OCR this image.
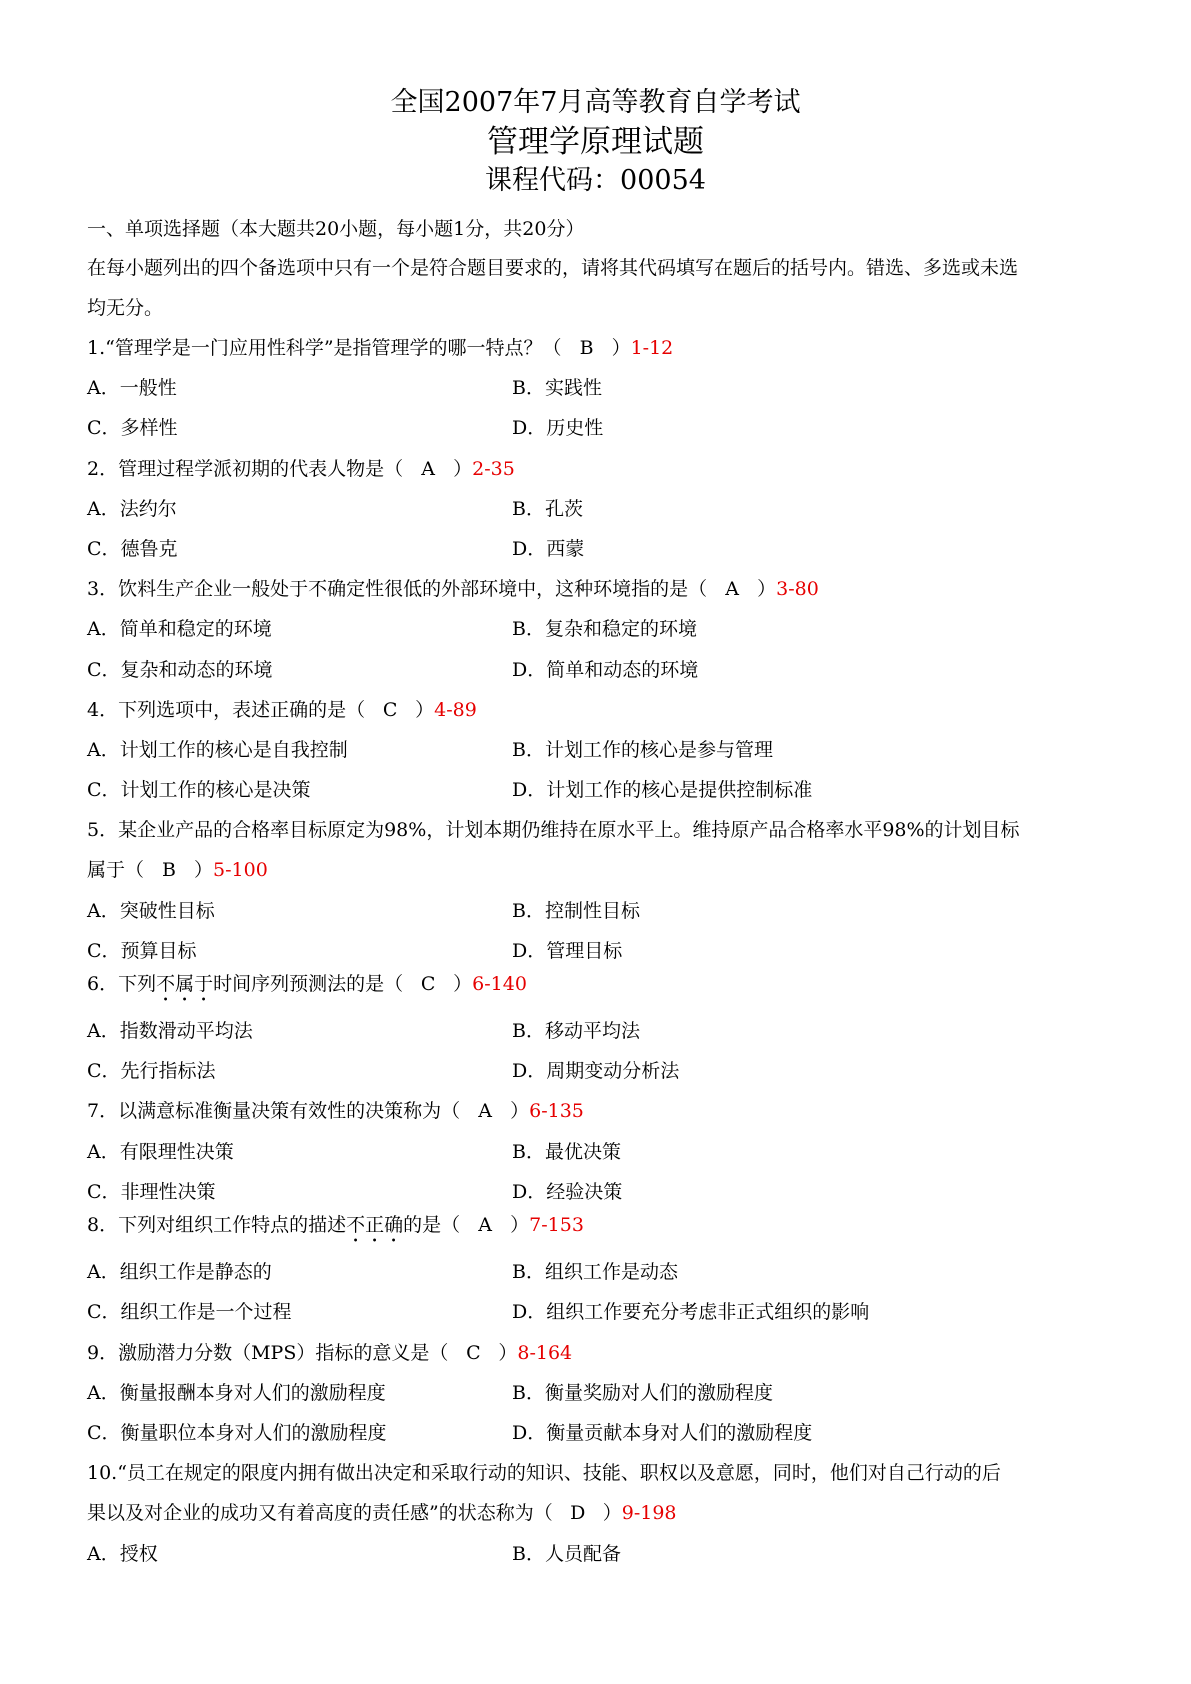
全国2007年7月高等教育自学考试
管理学原理试题
课程代码：00054
一、单项选择题（本大题共20小题，每小题1分，共20分）
在每小题列出的四个备选项中只有一个是符合题目要求的，请将其代码填写在题后的括号内。错选、多选或未选
均无分。
1.“管理学是一门应用性科学”是指管理学的哪一特点？（ B ）1-12
A．一般性	B．实践性
C．多样性	D．历史性
2．管理过程学派初期的代表人物是（ A ）2-35
A．法约尔	B．孔茨
C．德鲁克	D．西蒙
3．饮料生产企业一般处于不确定性很低的外部环境中，这种环境指的是（ A ）3-80
A．简单和稳定的环境	B．复杂和稳定的环境
C．复杂和动态的环境	D．简单和动态的环境
4．下列选项中，表述正确的是（ C ）4-89
A．计划工作的核心是自我控制	B．计划工作的核心是参与管理
C．计划工作的核心是决策	D．计划工作的核心是提供控制标准
5．某企业产品的合格率目标原定为98%，计划本期仍维持在原水平上。维持原产品合格率水平98%的计划目标
属于（ B ）5-100
A．突破性目标	B．控制性目标
C．预算目标	D．管理目标
6．下列不属于时间序列预测法的是（ C ）6-140
A．指数滑动平均法	B．移动平均法
C．先行指标法	D．周期变动分析法
7．以满意标准衡量决策有效性的决策称为（ A ）6-135
A．有限理性决策	B．最优决策
C．非理性决策	D．经验决策
8．下列对组织工作特点的描述不正确的是（ A ）7-153
A．组织工作是静态的	B．组织工作是动态
C．组织工作是一个过程	D．组织工作要充分考虑非正式组织的影响
9．激励潜力分数（MPS）指标的意义是（ C ）8-164
A．衡量报酬本身对人们的激励程度	B．衡量奖励对人们的激励程度
C．衡量职位本身对人们的激励程度	D．衡量贡献本身对人们的激励程度
10.“员工在规定的限度内拥有做出决定和采取行动的知识、技能、职权以及意愿，同时，他们对自己行动的后
果以及对企业的成功又有着高度的责任感”的状态称为（ D ）9-198
A．授权	B．人员配备
